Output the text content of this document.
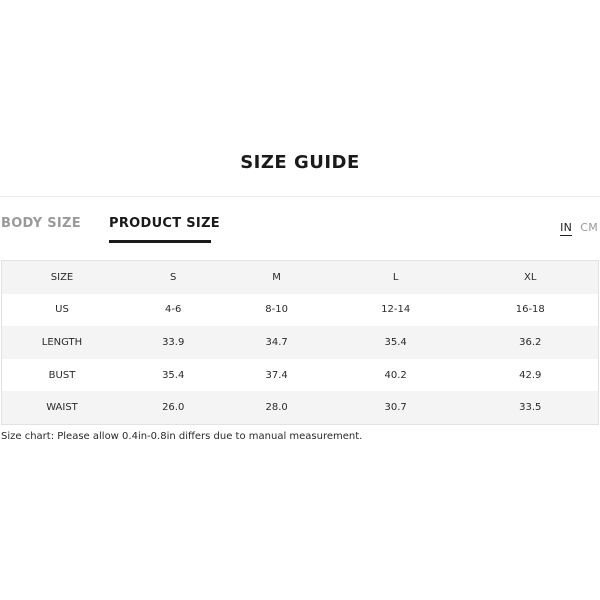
SIZE GUIDE
BODY SIZE PRODUCT SIZE	IN CM
SIZE	S	M	L	XL
US	4-6	8-10	12-14	16-18
LENGTH	33.9	34.7	35.4	36.2
BUST	35.4	37.4	40.2	42.9
WAIST	26.0	28.0	30.7	33.5
Size chart: Please allow 0.4in-0.8in differs due to manual measurement.
